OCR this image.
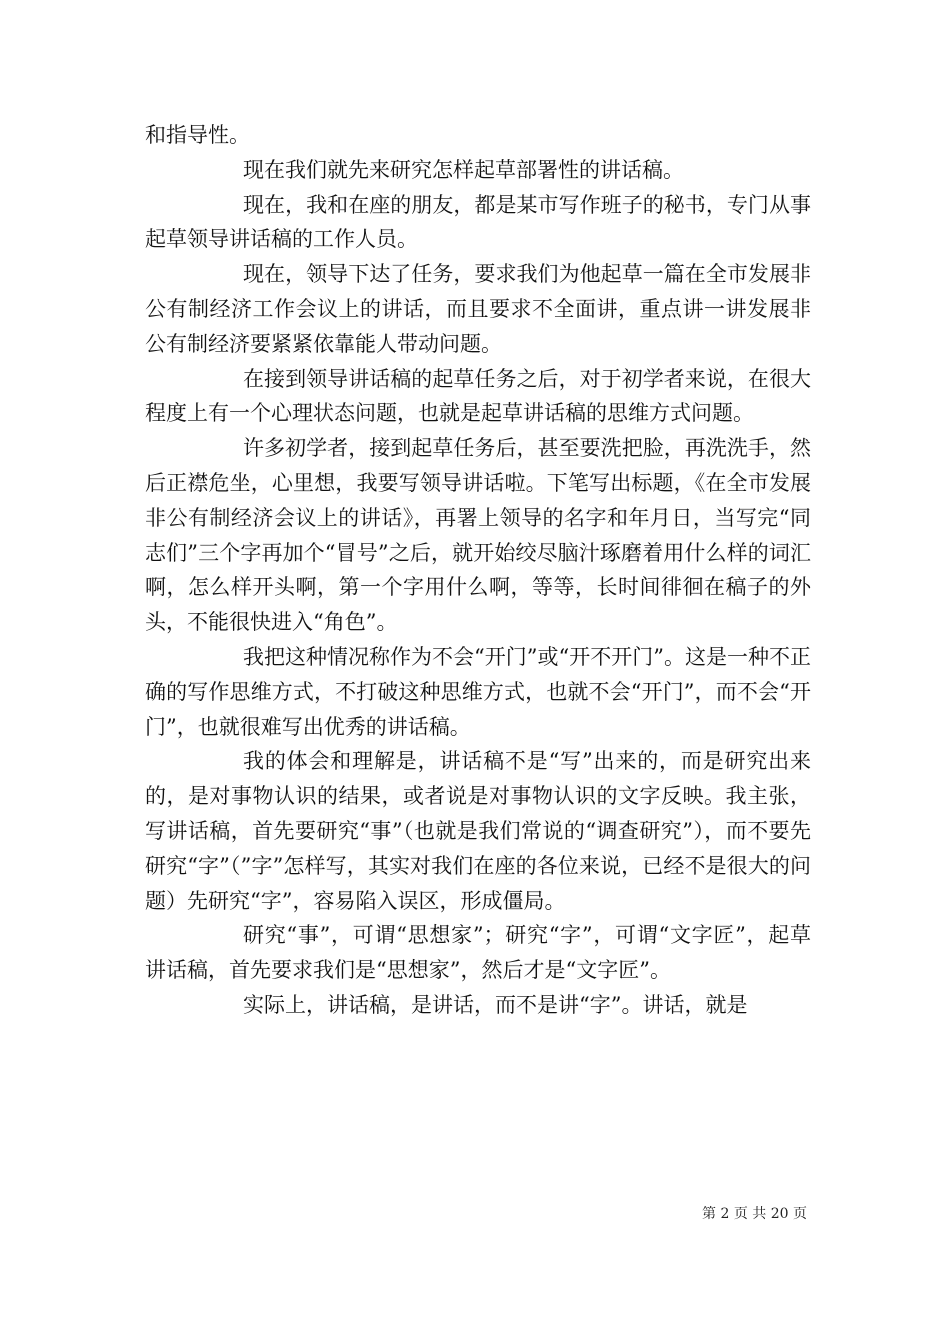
和指导性。

现在我们就先来研究怎样起草部署性的讲话稿。

现在，我和在座的朋友，都是某市写作班子的秘书，专门从事起草领导讲话稿的工作人员。

现在，领导下达了任务，要求我们为他起草一篇在全市发展非公有制经济工作会议上的讲话，而且要求不全面讲，重点讲一讲发展非公有制经济要紧紧依靠能人带动问题。

在接到领导讲话稿的起草任务之后，对于初学者来说，在很大程度上有一个心理状态问题，也就是起草讲话稿的思维方式问题。

许多初学者，接到起草任务后，甚至要洗把脸，再洗洗手，然后正襟危坐，心里想，我要写领导讲话啦。下笔写出标题，《在全市发展非公有制经济会议上的讲话》，再署上领导的名字和年月日，当写完“同志们”三个字再加个“冒号”之后，就开始绞尽脑汁琢磨着用什么样的词汇啊，怎么样开头啊，第一个字用什么啊，等等，长时间徘徊在稿子的外头，不能很快进入“角色”。

我把这种情况称作为不会“开门”或“开不开门”。这是一种不正确的写作思维方式，不打破这种思维方式，也就不会“开门”，而不会“开门”，也就很难写出优秀的讲话稿。

我的体会和理解是，讲话稿不是“写”出来的，而是研究出来的，是对事物认识的结果，或者说是对事物认识的文字反映。我主张，写讲话稿，首先要研究“事”（也就是我们常说的“调查研究”），而不要先研究“字”（”字”怎样写，其实对我们在座的各位来说，已经不是很大的问题）先研究“字”，容易陷入误区，形成僵局。

研究“事”，可谓“思想家”；研究“字”，可谓“文字匠”，起草讲话稿，首先要求我们是“思想家”，然后才是“文字匠”。

实际上，讲话稿，是讲话，而不是讲“字”。讲话，就是

第 2 页 共 20 页
